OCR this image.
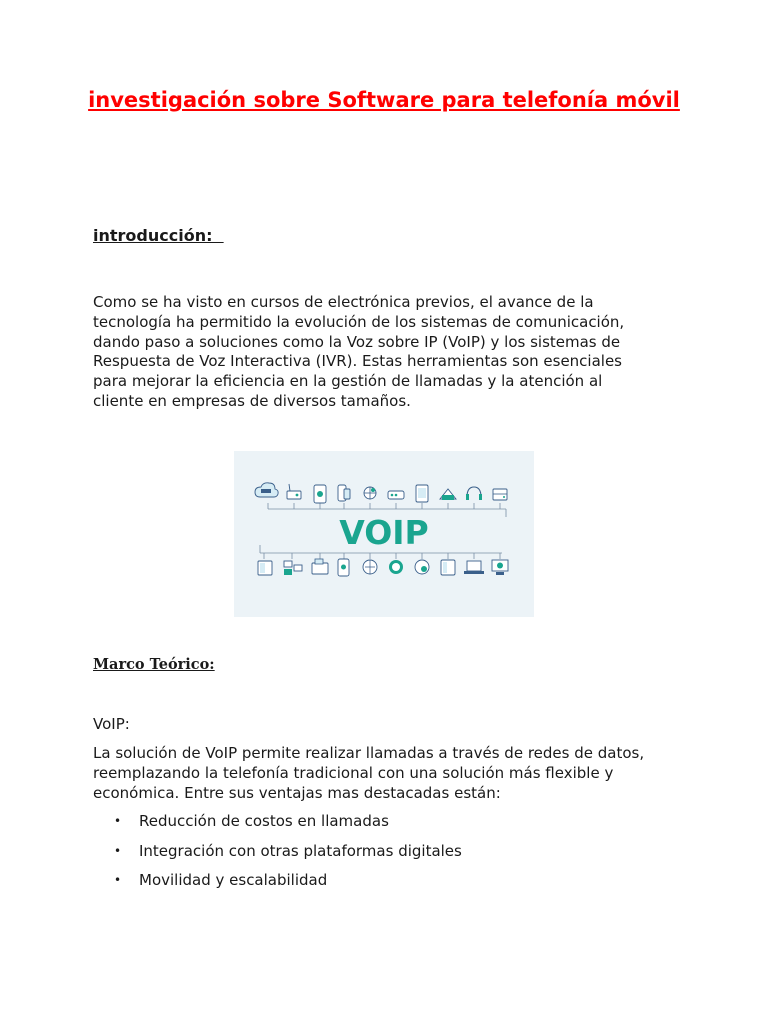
investigación sobre Software para telefonía móvil
introducción:

Como se ha visto en cursos de electrónica previos, el avance de la tecnología ha permitido la evolución de los sistemas de comunicación, dando paso a soluciones como la Voz sobre IP (VoIP) y los sistemas de Respuesta de Voz Interactiva (IVR). Estas herramientas son esenciales para mejorar la eficiencia en la gestión de llamadas y la atención al cliente en empresas de diversos tamaños.

VOIP
Marco Teórico:

VoIP:

La solución de VoIP permite realizar llamadas a través de redes de datos, reemplazando la telefonía tradicional con una solución más flexible y económica. Entre sus ventajas mas destacadas están:

• Reducción de costos en llamadas
• Integración con otras plataformas digitales
• Movilidad y escalabilidad
